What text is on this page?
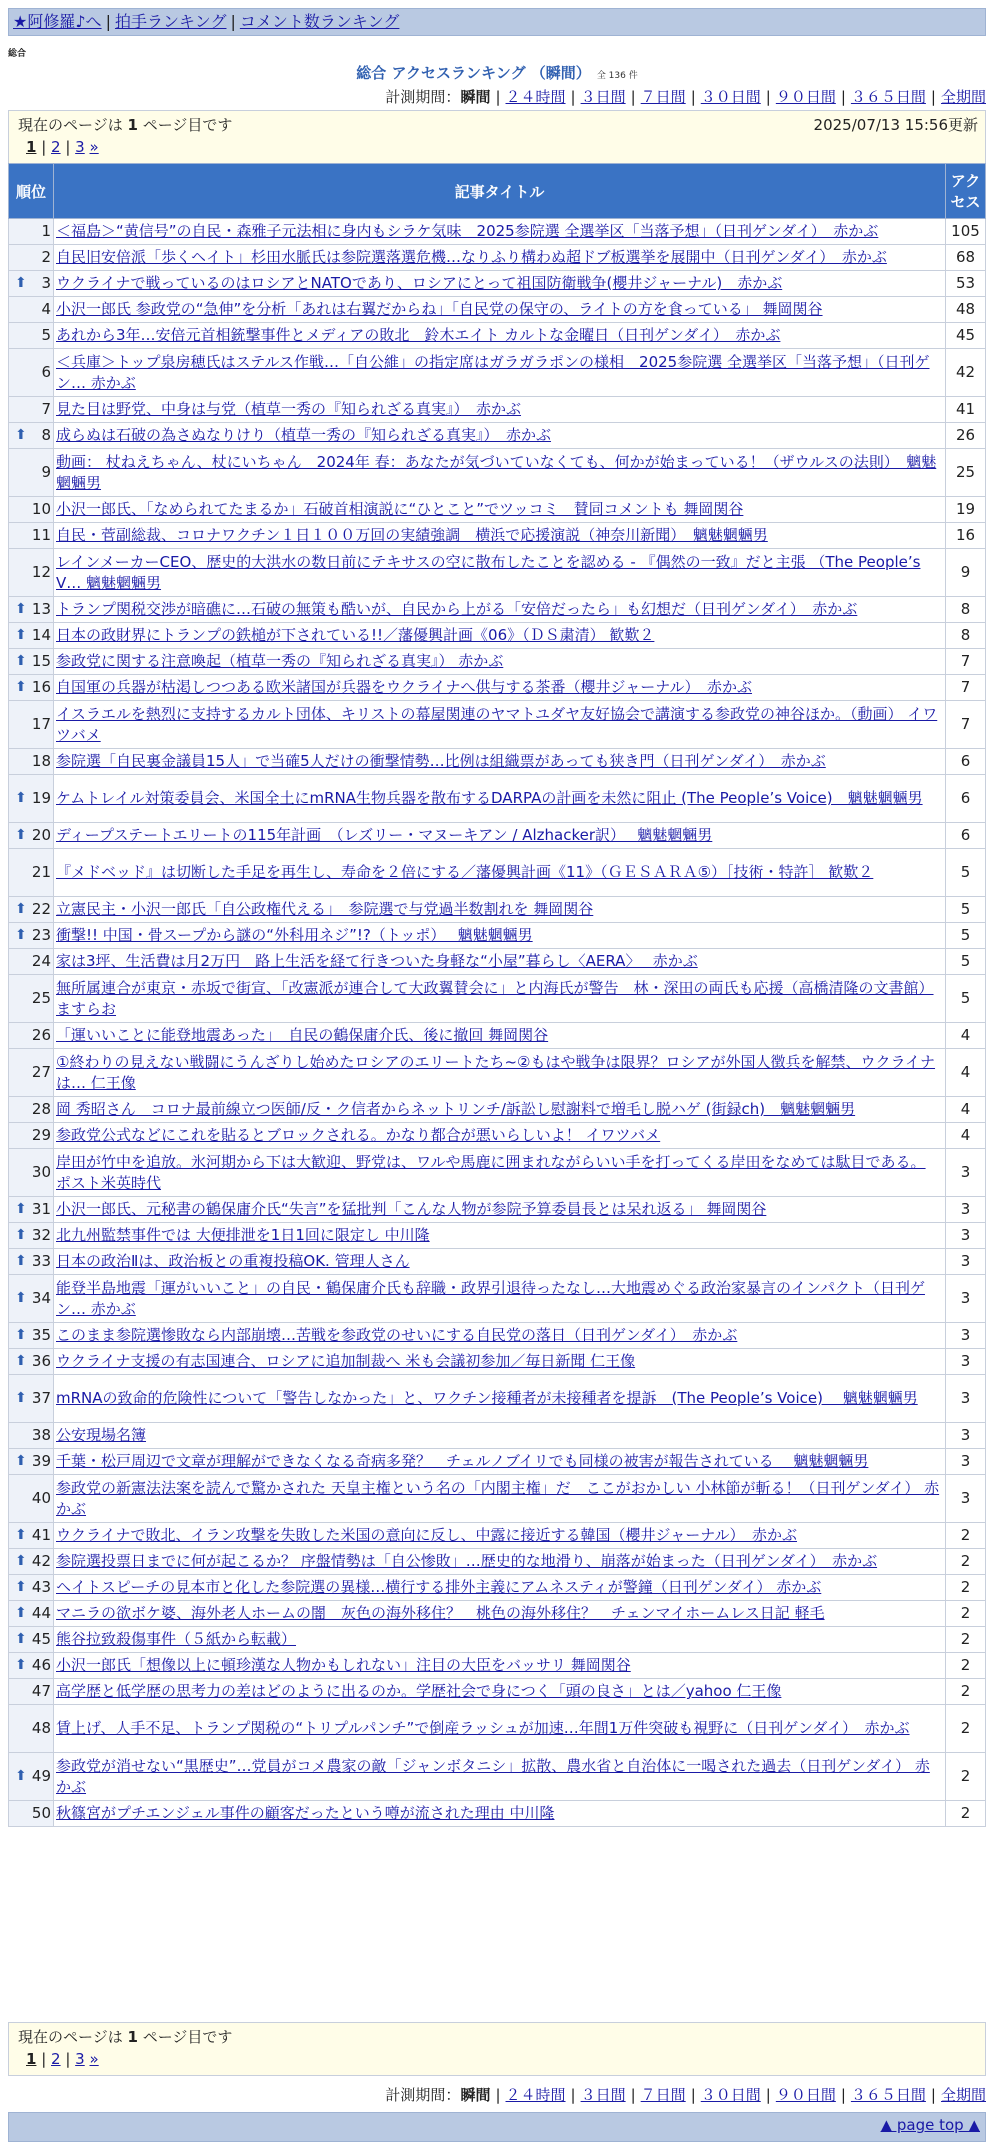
★阿修羅♪へ | 拍手ランキング | コメント数ランキング
総合
総合 アクセスランキング （瞬間） 全 136 件
計測期間：瞬間 | ２４時間 | ３日間 | ７日間 | ３０日間 | ９０日間 | ３６５日間 | 全期間
現在のページは 1 ページ目です	2025/07/13 15:56更新
1 | 2 | 3 »
順位	記事タイトル	アクセス
1	＜福島＞“黄信号”の自民・森雅子元法相に身内もシラケ気味　2025参院選 全選挙区「当落予想」（日刊ゲンダイ）　赤かぶ	105
2	自民旧安倍派「歩くヘイト」杉田水脈氏は参院選落選危機…なりふり構わぬ超ドブ板選挙を展開中（日刊ゲンダイ）　赤かぶ	68

⬆ 3	ウクライナで戦っているのはロシアとNATOであり、ロシアにとって祖国防衛戦争(櫻井ジャーナル)　赤かぶ	53
4	小沢一郎氏 参政党の“急伸”を分析「あれは右翼だからね」「自民党の保守の、ライトの方を食っている」 舞岡関谷	48
5	あれから3年…安倍元首相銃撃事件とメディアの敗北　鈴木エイト カルトな金曜日（日刊ゲンダイ）　赤かぶ	45
6	＜兵庫＞トップ泉房穂氏はステルス作戦…「自公維」の指定席はガラガラポンの様相　2025参院選 全選挙区「当落予想」（日刊ゲン… 赤かぶ	42
7	見た目は野党、中身は与党（植草一秀の『知られざる真実』）　赤かぶ	41

⬆ 8	成らぬは石破の為さぬなりけり（植草一秀の『知られざる真実』）　赤かぶ	26
9	動画： 杖ねえちゃん、杖にいちゃん　2024年 春：あなたが気づいていなくても、何かが始まっている！（ザウルスの法則）　魑魅魍魎男	25
10	小沢一郎氏、「なめられてたまるか」石破首相演説に“ひとこと”でツッコミ　賛同コメントも 舞岡関谷	19
11	自民・菅副総裁、コロナワクチン１日１００万回の実績強調　横浜で応援演説（神奈川新聞）　魑魅魍魎男	16
12	レインメーカーCEO、歴史的大洪水の数日前にテキサスの空に散布したことを認める - 『偶然の一致』だと主張 （The People’s V… 魑魅魍魎男	9

⬆ 13	トランプ関税交渉が暗礁に…石破の無策も酷いが、自民から上がる「安倍だったら」も幻想だ（日刊ゲンダイ）　赤かぶ	8

⬆ 14	日本の政財界にトランプの鉄槌が下されている!!／藩優興計画《06》（ＤＳ粛清） 歓歎２	8

⬆ 15	参政党に関する注意喚起（植草一秀の『知られざる真実』） 赤かぶ	7

⬆ 16	自国軍の兵器が枯渇しつつある欧米諸国が兵器をウクライナへ供与する茶番（櫻井ジャーナル）　赤かぶ	7
17	イスラエルを熱烈に支持するカルト団体、キリストの幕屋関連のヤマトユダヤ友好協会で講演する参政党の神谷ほか。（動画） イワツバメ	7
18	参院選「自民裏金議員15人」で当確5人だけの衝撃情勢…比例は組織票があっても狭き門（日刊ゲンダイ）　赤かぶ	6

⬆ 19	ケムトレイル対策委員会、米国全土にmRNA生物兵器を散布するDARPAの計画を未然に阻止 (The People’s Voice)　魑魅魍魎男	6

⬆ 20	ディープステートエリートの115年計画　（レズリー・マヌーキアン / Alzhacker訳）　 魑魅魍魎男	6
21	『メドベッド』は切断した手足を再生し、寿命を２倍にする／藩優興計画《11》（ＧＥＳＡＲＡ⑤）［技術・特許］ 歓歎２	5

⬆ 22	立憲民主・小沢一郎氏「自公政権代える」　参院選で与党過半数割れを 舞岡関谷	5

⬆ 23	衝撃!! 中国・骨スープから謎の“外科用ネジ”!?（トッポ）　 魑魅魍魎男	5
24	家は3坪、生活費は月2万円　路上生活を経て行きついた身軽な“小屋”暮らし〈AERA〉　 赤かぶ	5
25	無所属連合が東京・赤坂で街宣、「改憲派が連合して大政翼賛会に」と内海氏が警告　林・深田の両氏も応援（高橋清隆の文書館） ますらお	5
26	「運いいことに能登地震あった」　自民の鶴保庸介氏、後に撤回 舞岡関谷	4
27	①終わりの見えない戦闘にうんざりし始めたロシアのエリートたち~②もはや戦争は限界？ロシアが外国人徴兵を解禁、ウクライナは… 仁王像	4
28	岡 秀昭さん　コロナ最前線立つ医師/反・ク信者からネットリンチ/訴訟し慰謝料で増毛し脱ハゲ (街録ch)　魑魅魍魎男	4
29	参政党公式などにこれを貼るとブロックされる。かなり都合が悪いらしいよ！ イワツバメ	4
30	岸田が竹中を追放。氷河期から下は大歓迎、野党は、ワルや馬鹿に囲まれながらいい手を打ってくる岸田をなめては駄目である。 ポスト米英時代	3

⬆ 31	小沢一郎氏、元秘書の鶴保庸介氏“失言”を猛批判「こんな人物が参院予算委員長とは呆れ返る」 舞岡関谷	3

⬆ 32	北九州監禁事件では 大便排泄を1日1回に限定し 中川隆	3

⬆ 33	日本の政治Ⅱは、政治板との重複投稿OK. 管理人さん	3

⬆ 34	能登半島地震「運がいいこと」の自民・鶴保庸介氏も辞職・政界引退待ったなし…大地震めぐる政治家暴言のインパクト（日刊ゲン… 赤かぶ	3

⬆ 35	このまま参院選惨敗なら内部崩壊…苦戦を参政党のせいにする自民党の落日（日刊ゲンダイ）　赤かぶ	3

⬆ 36	ウクライナ支援の有志国連合、ロシアに追加制裁へ 米も会議初参加／毎日新聞 仁王像	3

⬆ 37	mRNAの致命的危険性について「警告しなかった」と、ワクチン接種者が未接種者を提訴　(The People’s Voice)　 魑魅魍魎男	3
38	公安現場名簿	3

⬆ 39	千葉・松戸周辺で文章が理解ができなくなる奇病多発？　チェルノブイリでも同様の被害が報告されている　 魑魅魍魎男	3
40	参政党の新憲法法案を読んで驚かされた 天皇主権という名の「内閣主権」だ　ここがおかしい 小林節が斬る！（日刊ゲンダイ） 赤かぶ	3

⬆ 41	ウクライナで敗北、イラン攻撃を失敗した米国の意向に反し、中露に接近する韓国（櫻井ジャーナル）　赤かぶ	2

⬆ 42	参院選投票日までに何が起こるか？ 序盤情勢は「自公惨敗」…歴史的な地滑り、崩落が始まった（日刊ゲンダイ）　赤かぶ	2

⬆ 43	ヘイトスピーチの見本市と化した参院選の異様…横行する排外主義にアムネスティが警鐘（日刊ゲンダイ） 赤かぶ	2

⬆ 44	マニラの欲ボケ婆、海外老人ホームの闇　灰色の海外移住？　桃色の海外移住？　チェンマイホームレス日記 軽毛	2

⬆ 45	熊谷拉致殺傷事件（５紙から転載）	2

⬆ 46	小沢一郎氏「想像以上に頓珍漢な人物かもしれない」注目の大臣をバッサリ 舞岡関谷	2
47	高学歴と低学歴の思考力の差はどのように出るのか。学歴社会で身につく「頭の良さ」とは／yahoo 仁王像	2
48	賃上げ、人手不足、トランプ関税の“トリプルパンチ”で倒産ラッシュが加速…年間1万件突破も視野に（日刊ゲンダイ）　赤かぶ	2

⬆ 49	参政党が消せない“黒歴史”…党員がコメ農家の敵「ジャンボタニシ」拡散、農水省と自治体に一喝された過去（日刊ゲンダイ） 赤かぶ	2
50	秋篠宮がプチエンジェル事件の顧客だったという噂が流された理由 中川隆	2
現在のページは 1 ページ目です
1 | 2 | 3 »
計測期間：瞬間 | ２４時間 | ３日間 | ７日間 | ３０日間 | ９０日間 | ３６５日間 | 全期間
▲ page top ▲
